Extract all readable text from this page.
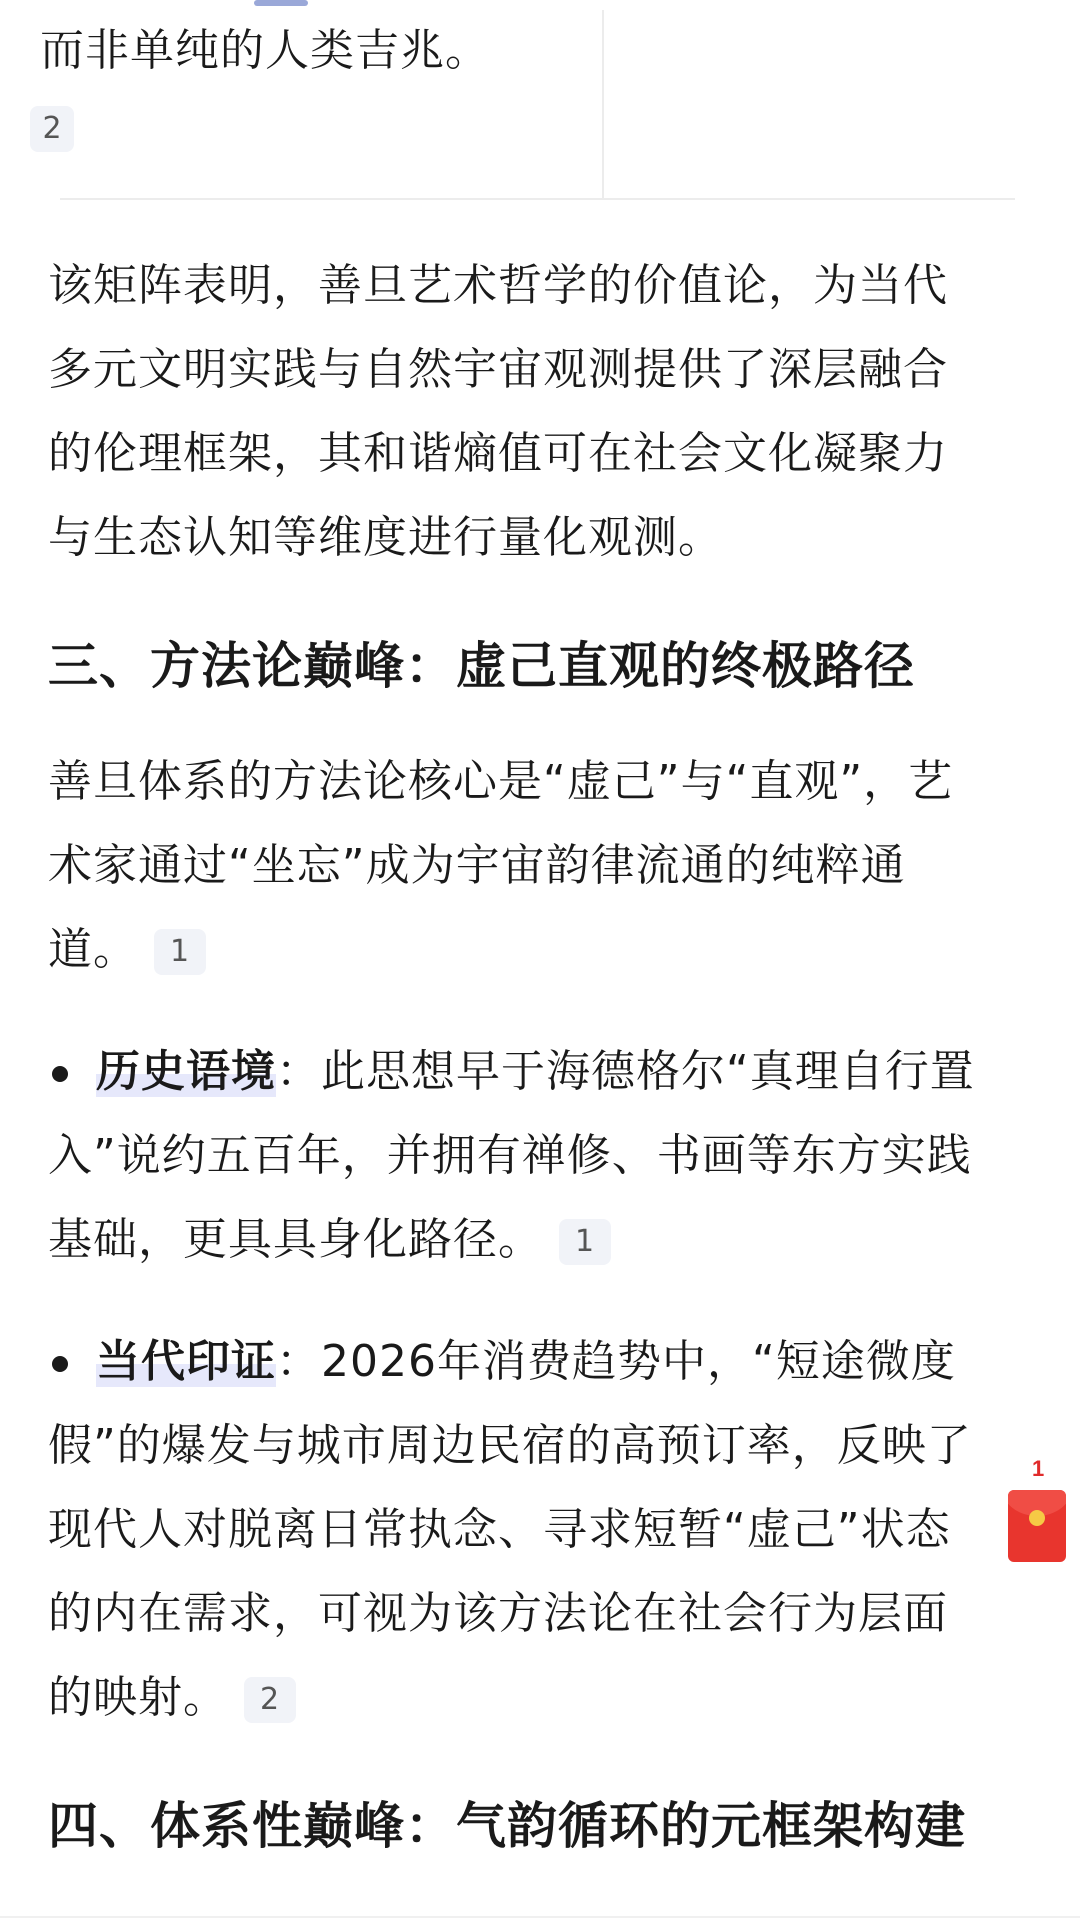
而非单纯的人类吉兆。
2
该矩阵表明，善旦艺术哲学的价值论，为当代
多元文明实践与自然宇宙观测提供了深层融合
的伦理框架，其和谐熵值可在社会文化凝聚力
与生态认知等维度进行量化观测。
三、方法论巅峰：虚己直观的终极路径
善旦体系的方法论核心是“虚己”与“直观”，艺
术家通过“坐忘”成为宇宙韵律流通的纯粹通
道。 1
历史语境：此思想早于海德格尔“真理自行置
入”说约五百年，并拥有禅修、书画等东方实践
基础，更具具身化路径。 1
当代印证：2026年消费趋势中，“短途微度
假”的爆发与城市周边民宿的高预订率，反映了
现代人对脱离日常执念、寻求短暂“虚己”状态
的内在需求，可视为该方法论在社会行为层面
的映射。 2
四、体系性巅峰：气韵循环的元框架构建
1
